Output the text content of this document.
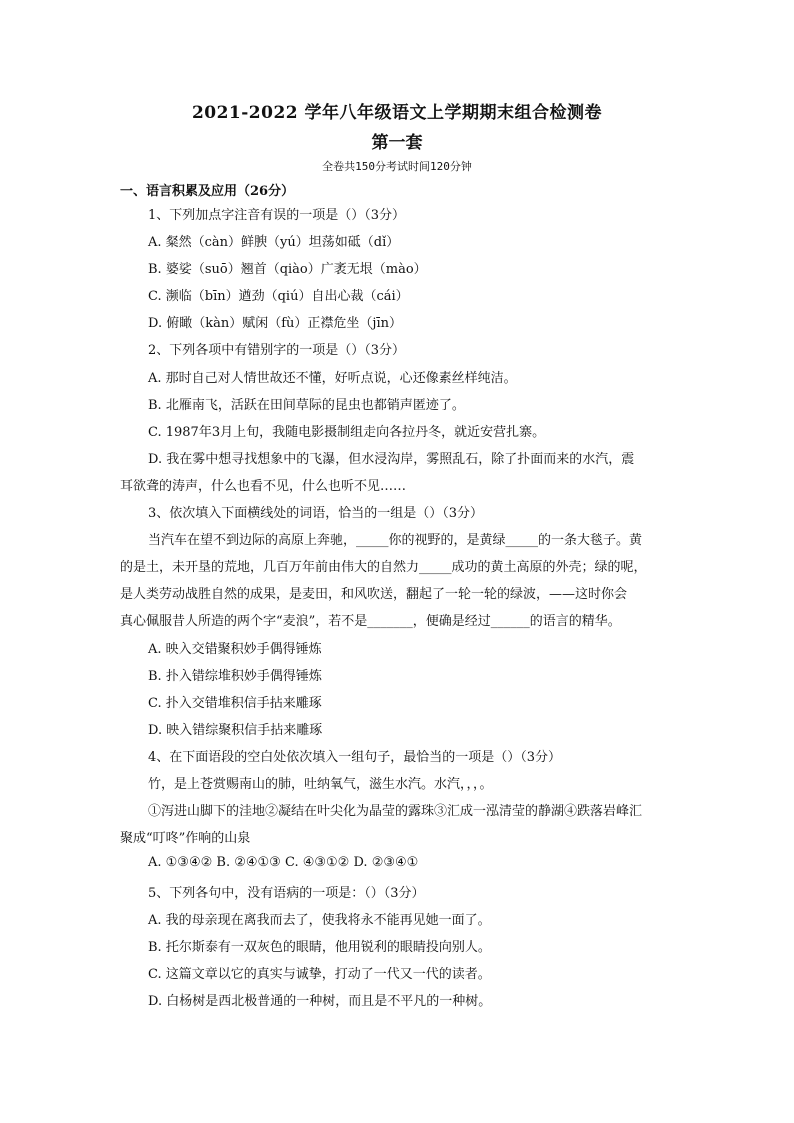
2021-2022 学年八年级语文上学期期末组合检测卷
第一套
全卷共150分考试时间120分钟
一、语言积累及应用（26分）
1、下列加点字注音有误的一项是（）（3分）
A. 粲然（càn）鲜腴（yú）坦荡如砥（dǐ）
B. 婆娑（suō）翘首（qiào）广袤无垠（mào）
C. 濒临（bīn）遒劲（qiú）自出心裁（cái）
D. 俯瞰（kàn）赋闲（fù）正襟危坐（jīn）
2、下列各项中有错别字的一项是（）（3分）
A. 那时自己对人情世故还不懂，好听点说，心还像素丝样纯洁。
B. 北雁南飞，活跃在田间草际的昆虫也都销声匿迹了。
C. 1987年3月上旬，我随电影摄制组走向各拉丹冬，就近安营扎寨。
D. 我在雾中想寻找想象中的飞瀑，但水浸沟岸，雾照乱石，除了扑面而来的水汽，震
耳欲聋的涛声，什么也看不见，什么也听不见……
3、依次填入下面横线处的词语，恰当的一组是（）（3分）
当汽车在望不到边际的高原上奔驰，_____你的视野的，是黄绿_____的一条大毯子。黄
的是土，未开垦的荒地，几百万年前由伟大的自然力_____成功的黄土高原的外壳；绿的呢，
是人类劳动战胜自然的成果，是麦田，和风吹送，翻起了一轮一轮的绿波，——这时你会
真心佩服昔人所造的两个字“麦浪”，若不是_______，便确是经过______的语言的精华。
A. 映入交错聚积妙手偶得锤炼
B. 扑入错综堆积妙手偶得锤炼
C. 扑入交错堆积信手拈来雕琢
D. 映入错综聚积信手拈来雕琢
4、在下面语段的空白处依次填入一组句子，最恰当的一项是（）（3分）
竹，是上苍赏赐南山的肺，吐纳氧气，滋生水汽。水汽，，，。
①泻进山脚下的洼地②凝结在叶尖化为晶莹的露珠③汇成一泓清莹的静湖④跌落岩峰汇
聚成“叮咚”作响的山泉
A. ①③④② B. ②④①③ C. ④③①② D. ②③④①
5、下列各句中，没有语病的一项是：（）（3分）
A. 我的母亲现在离我而去了，使我将永不能再见她一面了。
B. 托尔斯泰有一双灰色的眼睛，他用锐利的眼睛投向别人。
C. 这篇文章以它的真实与诚挚，打动了一代又一代的读者。
D. 白杨树是西北极普通的一种树，而且是不平凡的一种树。
